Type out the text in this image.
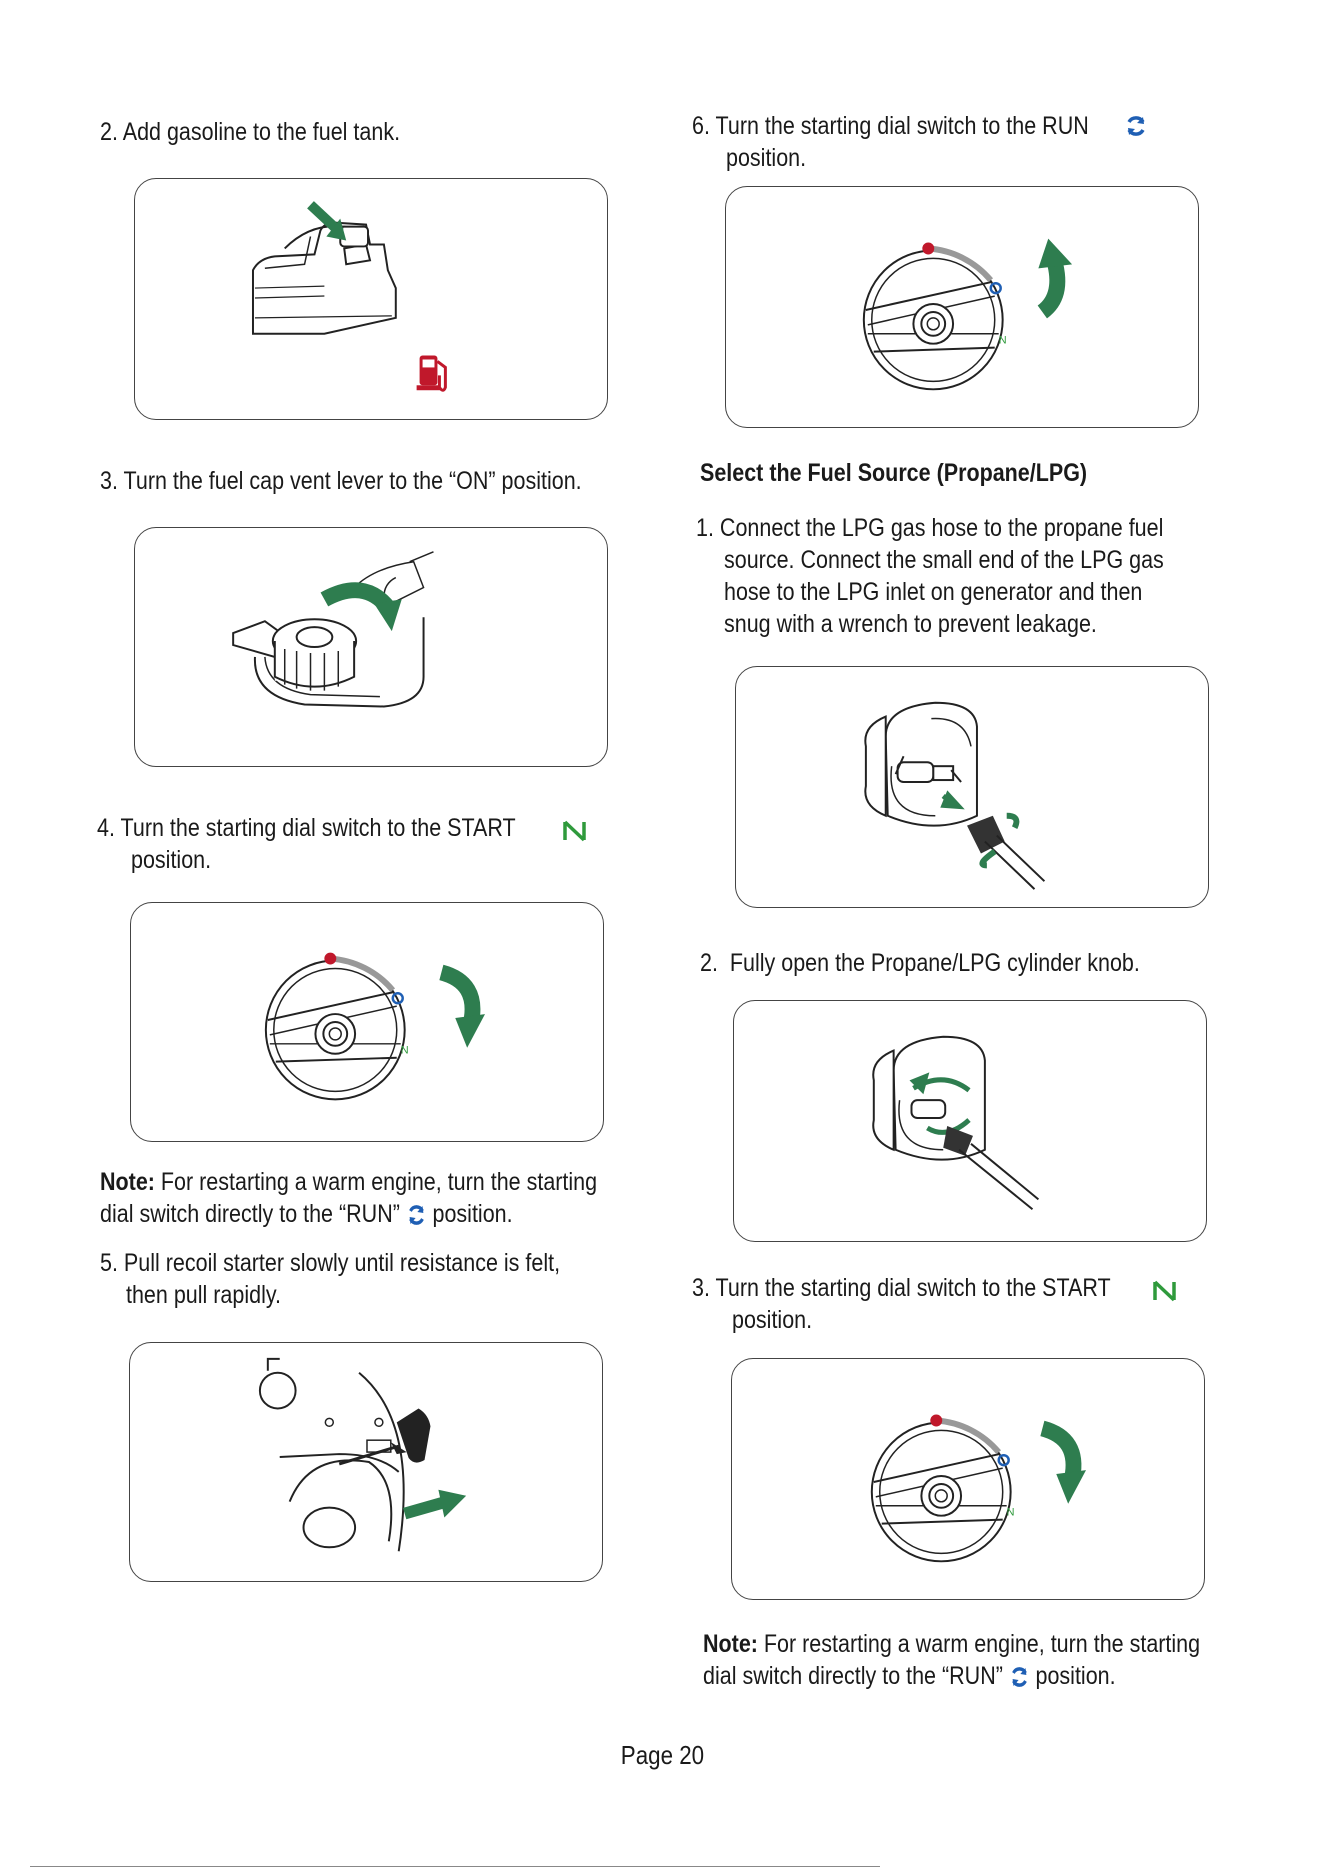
2. Add gasoline to the fuel tank.
3. Turn the fuel cap vent lever to the “ON” position.
4. Turn the starting dial switch to the START
position.
Note: For restarting a warm engine, turn the starting
dial switch directly to the “RUN” position.
5. Pull recoil starter slowly until resistance is felt,
then pull rapidly.
6. Turn the starting dial switch to the RUN
position.
Select the Fuel Source (Propane/LPG)
1. Connect the LPG gas hose to the propane fuel
source. Connect the small end of the LPG gas
hose to the LPG inlet on generator and then
snug with a wrench to prevent leakage.
2. Fully open the Propane/LPG cylinder knob.
3. Turn the starting dial switch to the START
position.
Note: For restarting a warm engine, turn the starting
dial switch directly to the “RUN” position.
Page 20
